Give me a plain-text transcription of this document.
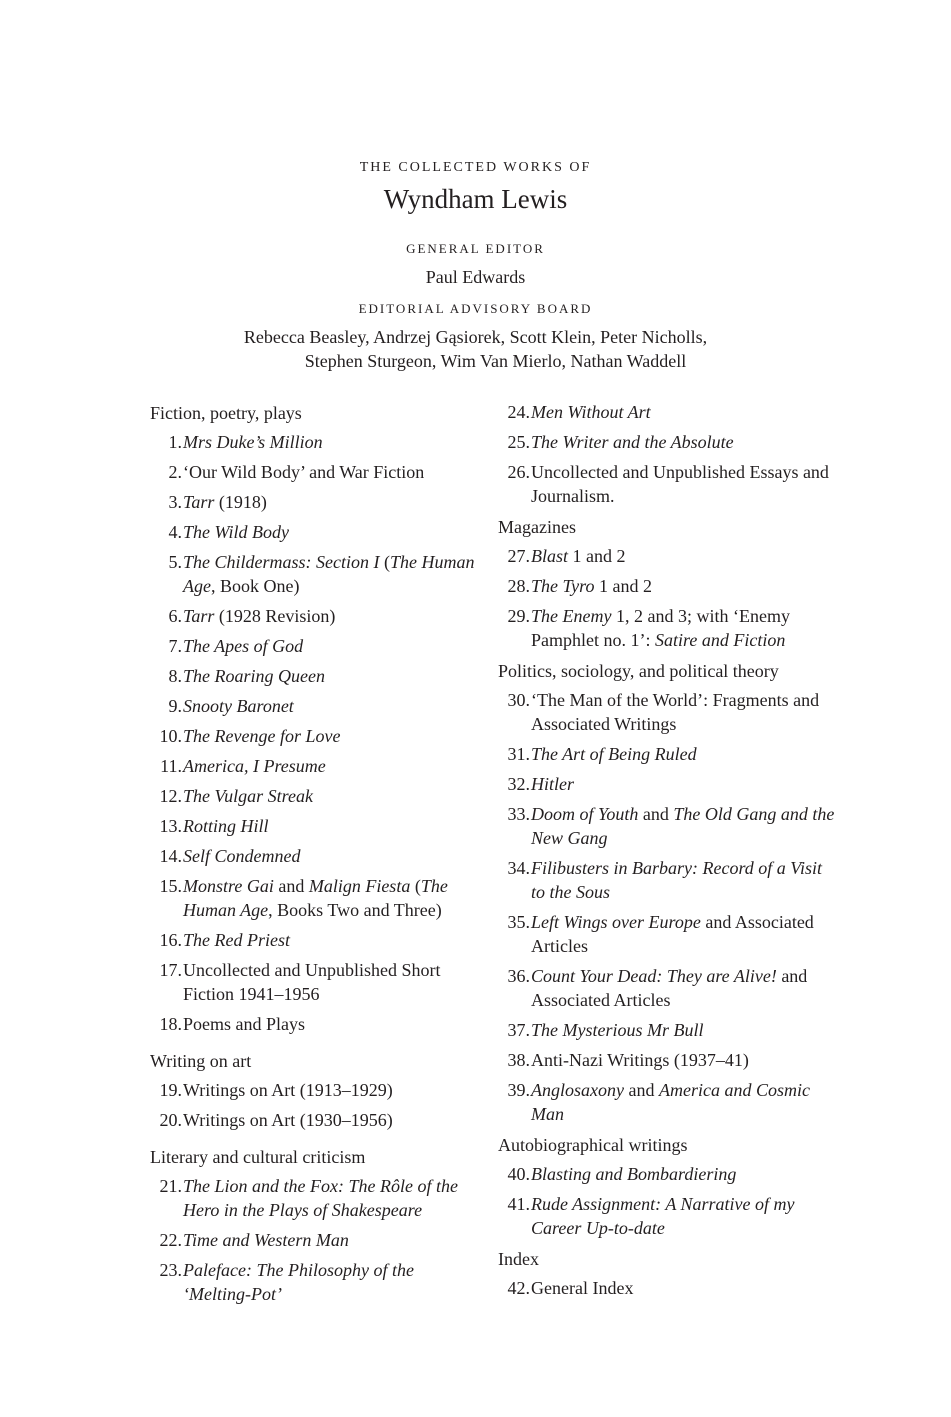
THE COLLECTED WORKS OF
Wyndham Lewis
GENERAL EDITOR
Paul Edwards
EDITORIAL ADVISORY BOARD
Rebecca Beasley, Andrzej Gąsiorek, Scott Klein, Peter Nicholls,
Stephen Sturgeon, Wim Van Mierlo, Nathan Waddell
Fiction, poetry, plays
1. Mrs Duke’s Million
2. ‘Our Wild Body’ and War Fiction
3. Tarr (1918)
4. The Wild Body
5. The Childermass: Section I (The Human Age, Book One)
6. Tarr (1928 Revision)
7. The Apes of God
8. The Roaring Queen
9. Snooty Baronet
10. The Revenge for Love
11. America, I Presume
12. The Vulgar Streak
13. Rotting Hill
14. Self Condemned
15. Monstre Gai and Malign Fiesta (The Human Age, Books Two and Three)
16. The Red Priest
17. Uncollected and Unpublished Short Fiction 1941–1956
18. Poems and Plays
Writing on art
19. Writings on Art (1913–1929)
20. Writings on Art (1930–1956)
Literary and cultural criticism
21. The Lion and the Fox: The Rôle of the Hero in the Plays of Shakespeare
22. Time and Western Man
23. Paleface: The Philosophy of the ‘Melting-Pot’
24. Men Without Art
25. The Writer and the Absolute
26. Uncollected and Unpublished Essays and Journalism.
Magazines
27. Blast 1 and 2
28. The Tyro 1 and 2
29. The Enemy 1, 2 and 3; with ‘Enemy Pamphlet no. 1’: Satire and Fiction
Politics, sociology, and political theory
30. ‘The Man of the World’: Fragments and Associated Writings
31. The Art of Being Ruled
32. Hitler
33. Doom of Youth and The Old Gang and the New Gang
34. Filibusters in Barbary: Record of a Visit to the Sous
35. Left Wings over Europe and Associated Articles
36. Count Your Dead: They are Alive! and Associated Articles
37. The Mysterious Mr Bull
38. Anti-Nazi Writings (1937–41)
39. Anglosaxony and America and Cosmic Man
Autobiographical writings
40. Blasting and Bombardiering
41. Rude Assignment: A Narrative of my Career Up-to-date
Index
42. General Index
